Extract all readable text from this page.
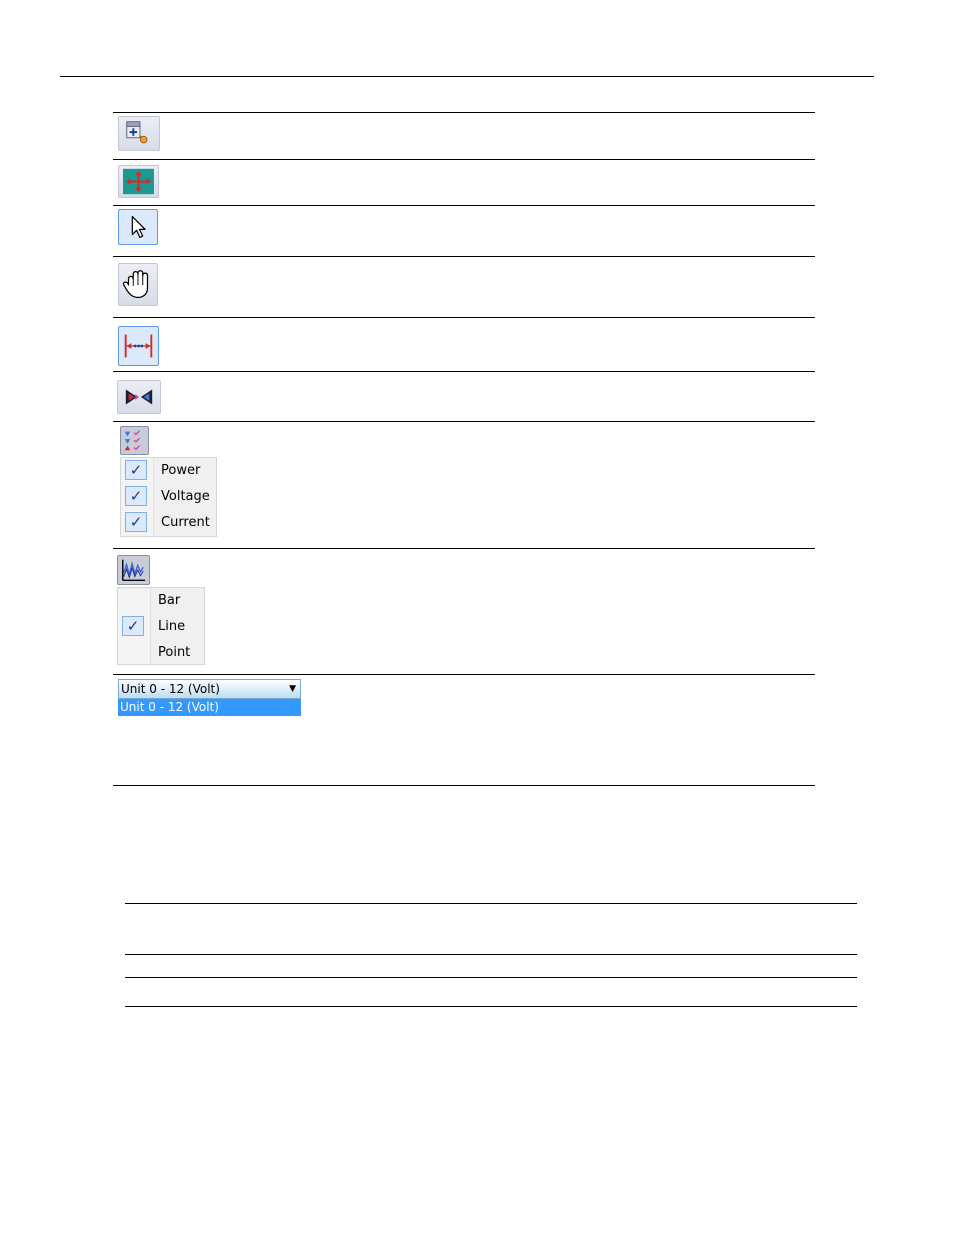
✓	Power
✓	Voltage
✓	Current
Bar
✓	Line
Point
Unit 0 - 12 (Volt)	▼
Unit 0 - 12 (Volt)
